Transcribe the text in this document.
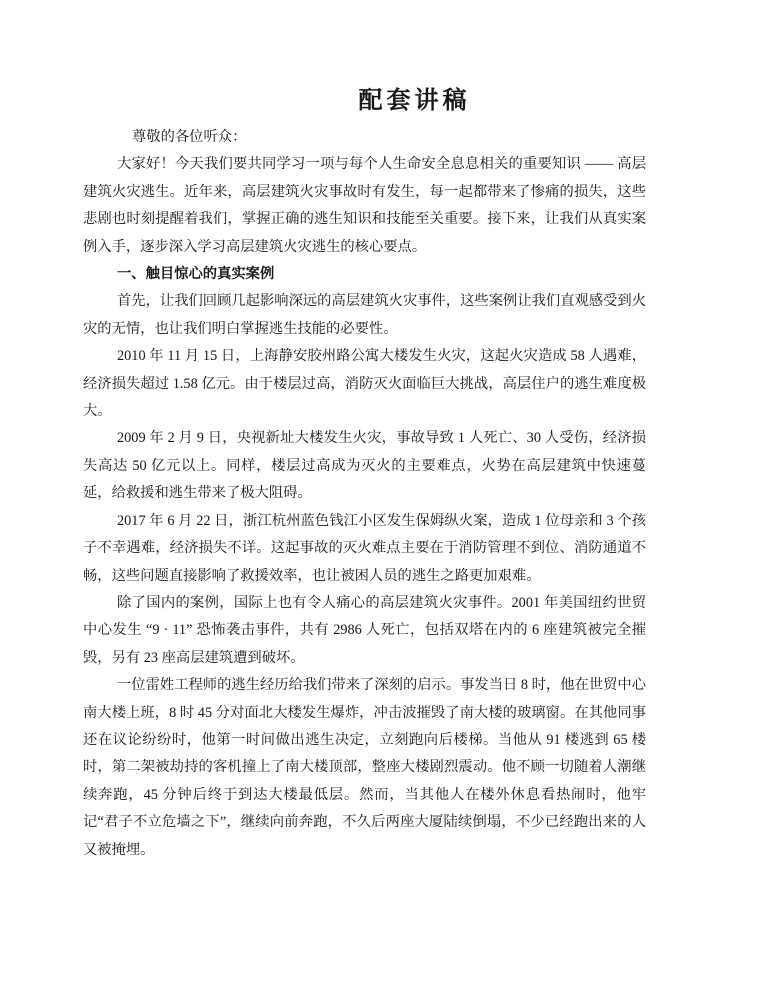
配套讲稿

尊敬的各位听众：

大家好！今天我们要共同学习一项与每个人生命安全息息相关的重要知识 —— 高层建筑火灾逃生。近年来，高层建筑火灾事故时有发生，每一起都带来了惨痛的损失，这些悲剧也时刻提醒着我们，掌握正确的逃生知识和技能至关重要。接下来，让我们从真实案例入手，逐步深入学习高层建筑火灾逃生的核心要点。

一、触目惊心的真实案例

首先，让我们回顾几起影响深远的高层建筑火灾事件，这些案例让我们直观感受到火灾的无情，也让我们明白掌握逃生技能的必要性。

2010 年 11 月 15 日，上海静安胶州路公寓大楼发生火灾，这起火灾造成 58 人遇难，经济损失超过 1.58 亿元。由于楼层过高，消防灭火面临巨大挑战，高层住户的逃生难度极大。

2009 年 2 月 9 日，央视新址大楼发生火灾，事故导致 1 人死亡、30 人受伤，经济损失高达 50 亿元以上。同样，楼层过高成为灭火的主要难点，火势在高层建筑中快速蔓延，给救援和逃生带来了极大阻碍。

2017 年 6 月 22 日，浙江杭州蓝色钱江小区发生保姆纵火案，造成 1 位母亲和 3 个孩子不幸遇难，经济损失不详。这起事故的灭火难点主要在于消防管理不到位、消防通道不畅，这些问题直接影响了救援效率，也让被困人员的逃生之路更加艰难。

除了国内的案例，国际上也有令人痛心的高层建筑火灾事件。2001 年美国纽约世贸中心发生 “9 · 11” 恐怖袭击事件，共有 2986 人死亡，包括双塔在内的 6 座建筑被完全摧毁，另有 23 座高层建筑遭到破坏。

一位雷姓工程师的逃生经历给我们带来了深刻的启示。事发当日 8 时，他在世贸中心南大楼上班，8 时 45 分对面北大楼发生爆炸，冲击波摧毁了南大楼的玻璃窗。在其他同事还在议论纷纷时，他第一时间做出逃生决定，立刻跑向后楼梯。当他从 91 楼逃到 65 楼时，第二架被劫持的客机撞上了南大楼顶部，整座大楼剧烈震动。他不顾一切随着人潮继续奔跑，45 分钟后终于到达大楼最低层。然而，当其他人在楼外休息看热闹时，他牢记“君子不立危墙之下”，继续向前奔跑，不久后两座大厦陆续倒塌，不少已经跑出来的人又被掩埋。
